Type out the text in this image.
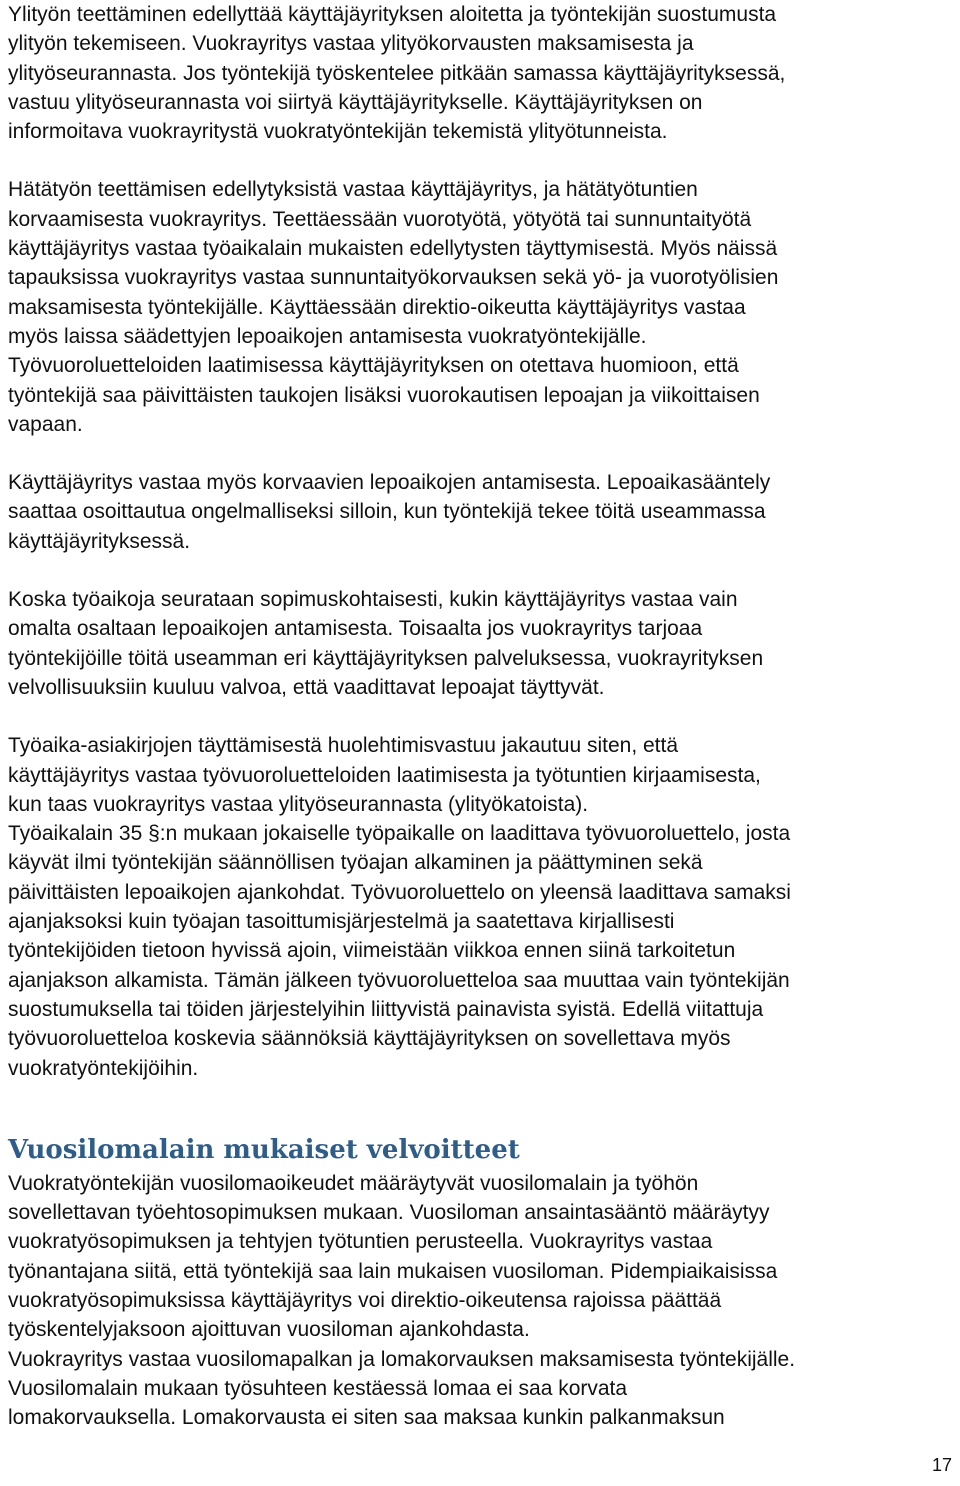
Ylityön teettäminen edellyttää käyttäjäyrityksen aloitetta ja työntekijän suostumusta
ylityön tekemiseen. Vuokrayritys vastaa ylityökorvausten maksamisesta ja
ylityöseurannasta. Jos työntekijä työskentelee pitkään samassa käyttäjäyrityksessä,
vastuu ylityöseurannasta voi siirtyä käyttäjäyritykselle. Käyttäjäyrityksen on
informoitava vuokrayritystä vuokratyöntekijän tekemistä ylityötunneista.
Hätätyön teettämisen edellytyksistä vastaa käyttäjäyritys, ja hätätyötuntien
korvaamisesta vuokrayritys. Teettäessään vuorotyötä, yötyötä tai sunnuntaityötä
käyttäjäyritys vastaa työaikalain mukaisten edellytysten täyttymisestä. Myös näissä
tapauksissa vuokrayritys vastaa sunnuntaityökorvauksen sekä yö- ja vuorotyölisien
maksamisesta työntekijälle. Käyttäessään direktio-oikeutta käyttäjäyritys vastaa
myös laissa säädettyjen lepoaikojen antamisesta vuokratyöntekijälle.
Työvuoroluetteloiden laatimisessa käyttäjäyrityksen on otettava huomioon, että
työntekijä saa päivittäisten taukojen lisäksi vuorokautisen lepoajan ja viikoittaisen
vapaan.
Käyttäjäyritys vastaa myös korvaavien lepoaikojen antamisesta. Lepoaikasääntely
saattaa osoittautua ongelmalliseksi silloin, kun työntekijä tekee töitä useammassa
käyttäjäyrityksessä.
Koska työaikoja seurataan sopimuskohtaisesti, kukin käyttäjäyritys vastaa vain
omalta osaltaan lepoaikojen antamisesta. Toisaalta jos vuokrayritys tarjoaa
työntekijöille töitä useamman eri käyttäjäyrityksen palveluksessa, vuokrayrityksen
velvollisuuksiin kuuluu valvoa, että vaadittavat lepoajat täyttyvät.
Työaika-asiakirjojen täyttämisestä huolehtimisvastuu jakautuu siten, että
käyttäjäyritys vastaa työvuoroluetteloiden laatimisesta ja työtuntien kirjaamisesta,
kun taas vuokrayritys vastaa ylityöseurannasta (ylityökatoista).
Työaikalain 35 §:n mukaan jokaiselle työpaikalle on laadittava työvuoroluettelo, josta
käyvät ilmi työntekijän säännöllisen työajan alkaminen ja päättyminen sekä
päivittäisten lepoaikojen ajankohdat. Työvuoroluettelo on yleensä laadittava samaksi
ajanjaksoksi kuin työajan tasoittumisjärjestelmä ja saatettava kirjallisesti
työntekijöiden tietoon hyvissä ajoin, viimeistään viikkoa ennen siinä tarkoitetun
ajanjakson alkamista. Tämän jälkeen työvuoroluetteloa saa muuttaa vain työntekijän
suostumuksella tai töiden järjestelyihin liittyvistä painavista syistä. Edellä viitattuja
työvuoroluetteloa koskevia säännöksiä käyttäjäyrityksen on sovellettava myös
vuokratyöntekijöihin.
Vuosilomalain mukaiset velvoitteet
Vuokratyöntekijän vuosilomaoikeudet määräytyvät vuosilomalain ja työhön
sovellettavan työehtosopimuksen mukaan. Vuosiloman ansaintasääntö määräytyy
vuokratyösopimuksen ja tehtyjen työtuntien perusteella. Vuokrayritys vastaa
työnantajana siitä, että työntekijä saa lain mukaisen vuosiloman. Pidempiaikaisissa
vuokratyösopimuksissa käyttäjäyritys voi direktio-oikeutensa rajoissa päättää
työskentelyjaksoon ajoittuvan vuosiloman ajankohdasta.
Vuokrayritys vastaa vuosilomapalkan ja lomakorvauksen maksamisesta työntekijälle.
Vuosilomalain mukaan työsuhteen kestäessä lomaa ei saa korvata
lomakorvauksella. Lomakorvausta ei siten saa maksaa kunkin palkanmaksun
17
